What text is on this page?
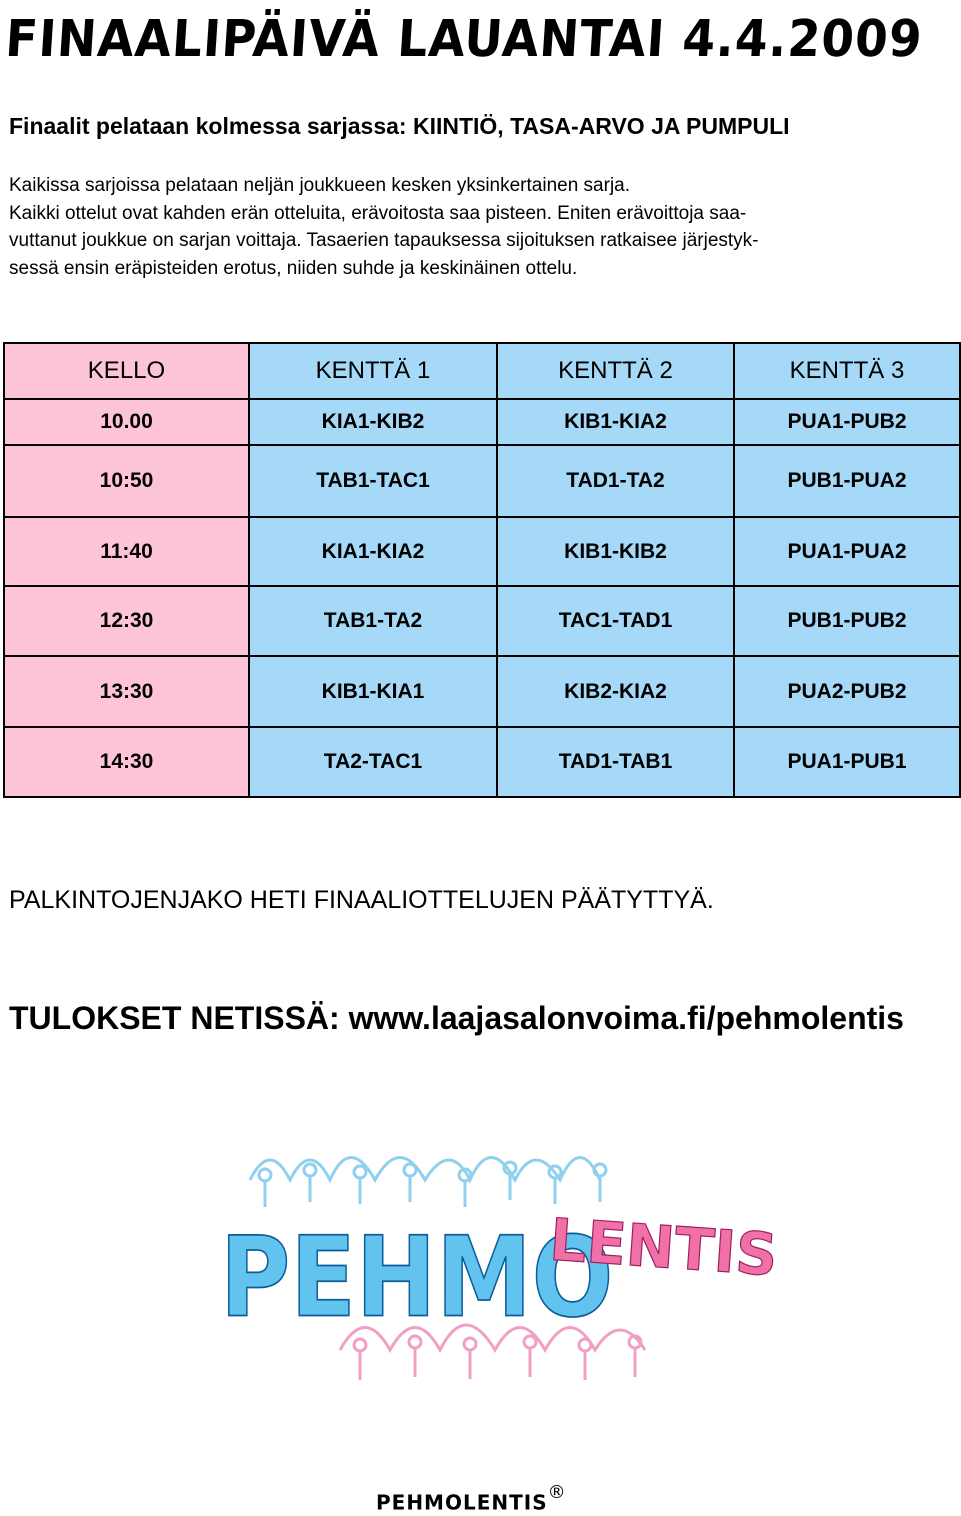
FINAALIPÄIVÄ LAUANTAI 4.4.2009
Finaalit pelataan kolmessa sarjassa: KIINTIÖ, TASA-ARVO JA PUMPULI
Kaikissa sarjoissa pelataan neljän joukkueen kesken yksinkertainen sarja.
Kaikki ottelut ovat kahden erän otteluita, erävoitosta saa pisteen. Eniten erävoittoja saa-
vuttanut joukkue on sarjan voittaja. Tasaerien tapauksessa sijoituksen ratkaisee järjestyk-
sessä ensin eräpisteiden erotus, niiden suhde ja keskinäinen ottelu.
KELLO	KENTTÄ 1	KENTTÄ 2	KENTTÄ 3
10.00	KIA1-KIB2	KIB1-KIA2	PUA1-PUB2
10:50	TAB1-TAC1	TAD1-TA2	PUB1-PUA2
11:40	KIA1-KIA2	KIB1-KIB2	PUA1-PUA2
12:30	TAB1-TA2	TAC1-TAD1	PUB1-PUB2
13:30	KIB1-KIA1	KIB2-KIA2	PUA2-PUB2
14:30	TA2-TAC1	TAD1-TAB1	PUA1-PUB1
PALKINTOJENJAKO HETI FINAALIOTTELUJEN PÄÄTYTTYÄ.
TULOKSET NETISSÄ: www.laajasalonvoima.fi/pehmolentis
PEHMO
LENTIS
PEHMOLENTIS®
